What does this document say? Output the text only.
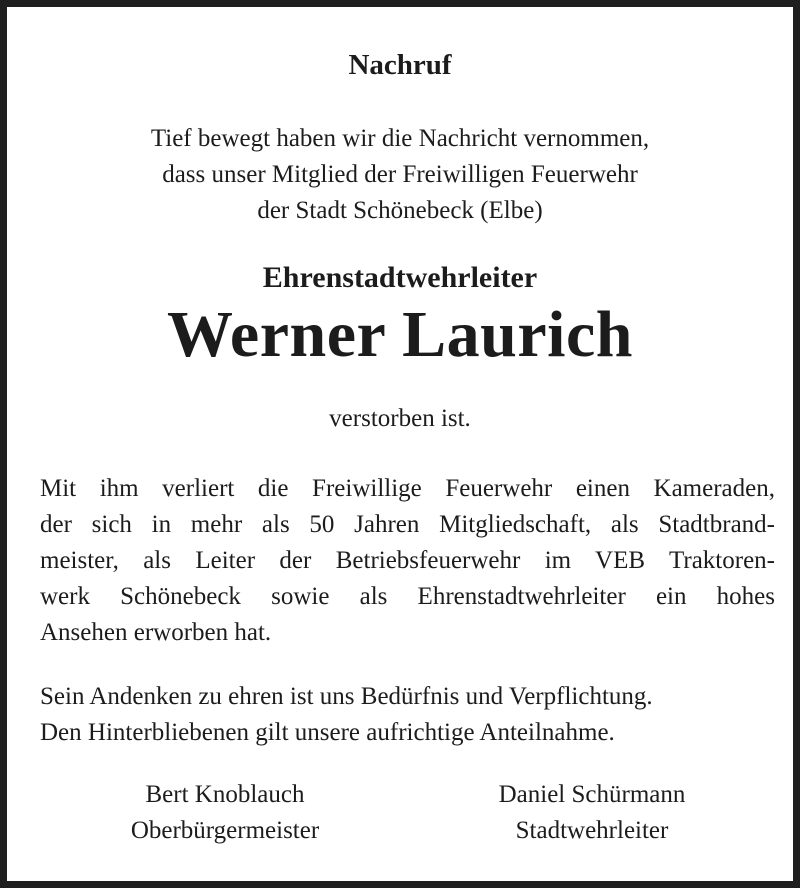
Nachruf
Tief bewegt haben wir die Nachricht vernommen,
dass unser Mitglied der Freiwilligen Feuerwehr
der Stadt Schönebeck (Elbe)
Ehrenstadtwehrleiter
Werner Laurich
verstorben ist.
Mit ihm verliert die Freiwillige Feuerwehr einen Kameraden,
der sich in mehr als 50 Jahren Mitgliedschaft, als Stadtbrand-
meister, als Leiter der Betriebsfeuerwehr im VEB Traktoren-
werk Schönebeck sowie als Ehrenstadtwehrleiter ein hohes
Ansehen erworben hat.
Sein Andenken zu ehren ist uns Bedürfnis und Verpflichtung.
Den Hinterbliebenen gilt unsere aufrichtige Anteilnahme.
Bert Knoblauch
Oberbürgermeister
Daniel Schürmann
Stadtwehrleiter
